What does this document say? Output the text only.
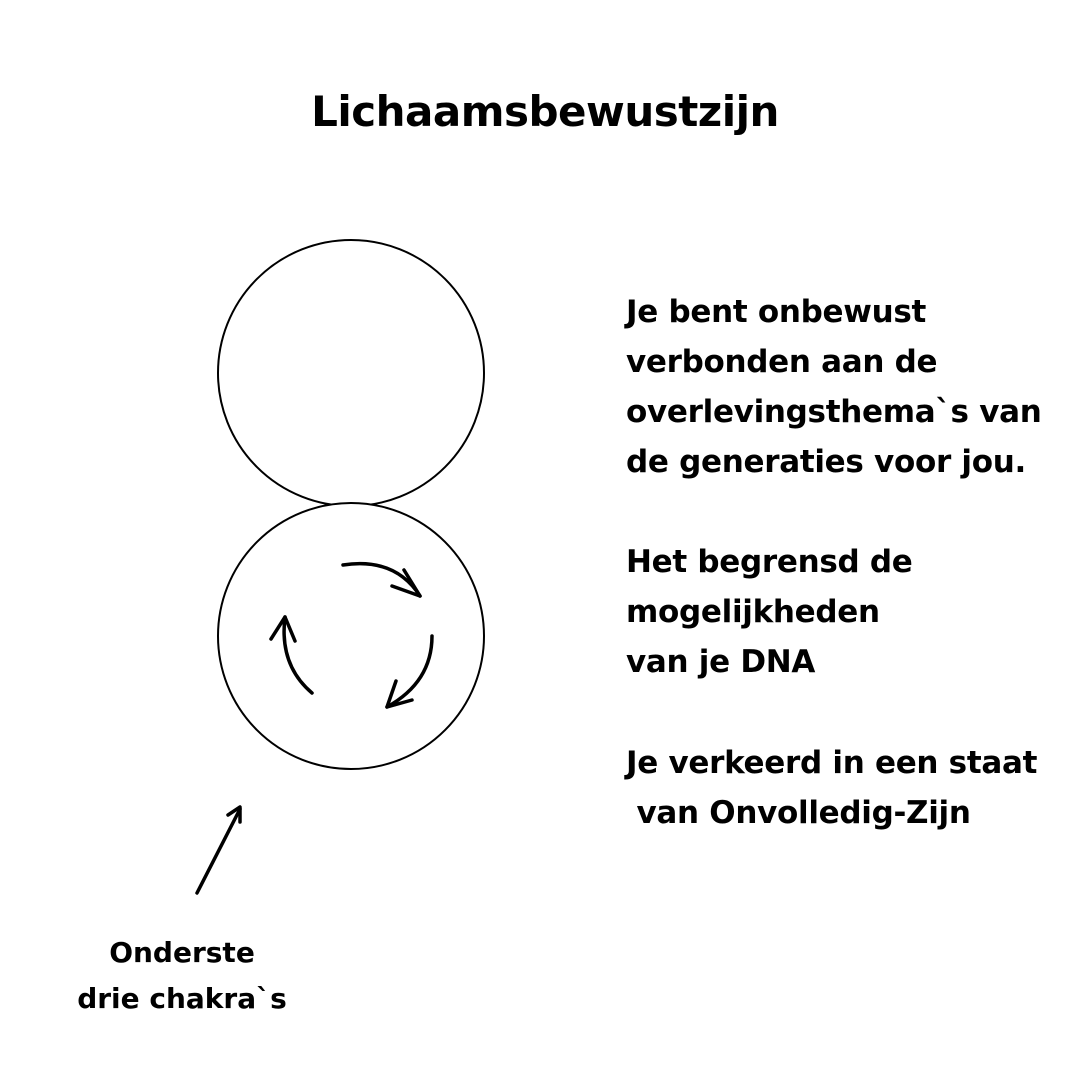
Lichaamsbewustzijn
Je bent onbewust
verbonden aan de
overlevingsthema`s van
de generaties voor jou.
Het begrensd de
mogelijkheden
van je DNA
Je verkeerd in een staat
van Onvolledig-Zijn
Onderste
drie chakra`s
